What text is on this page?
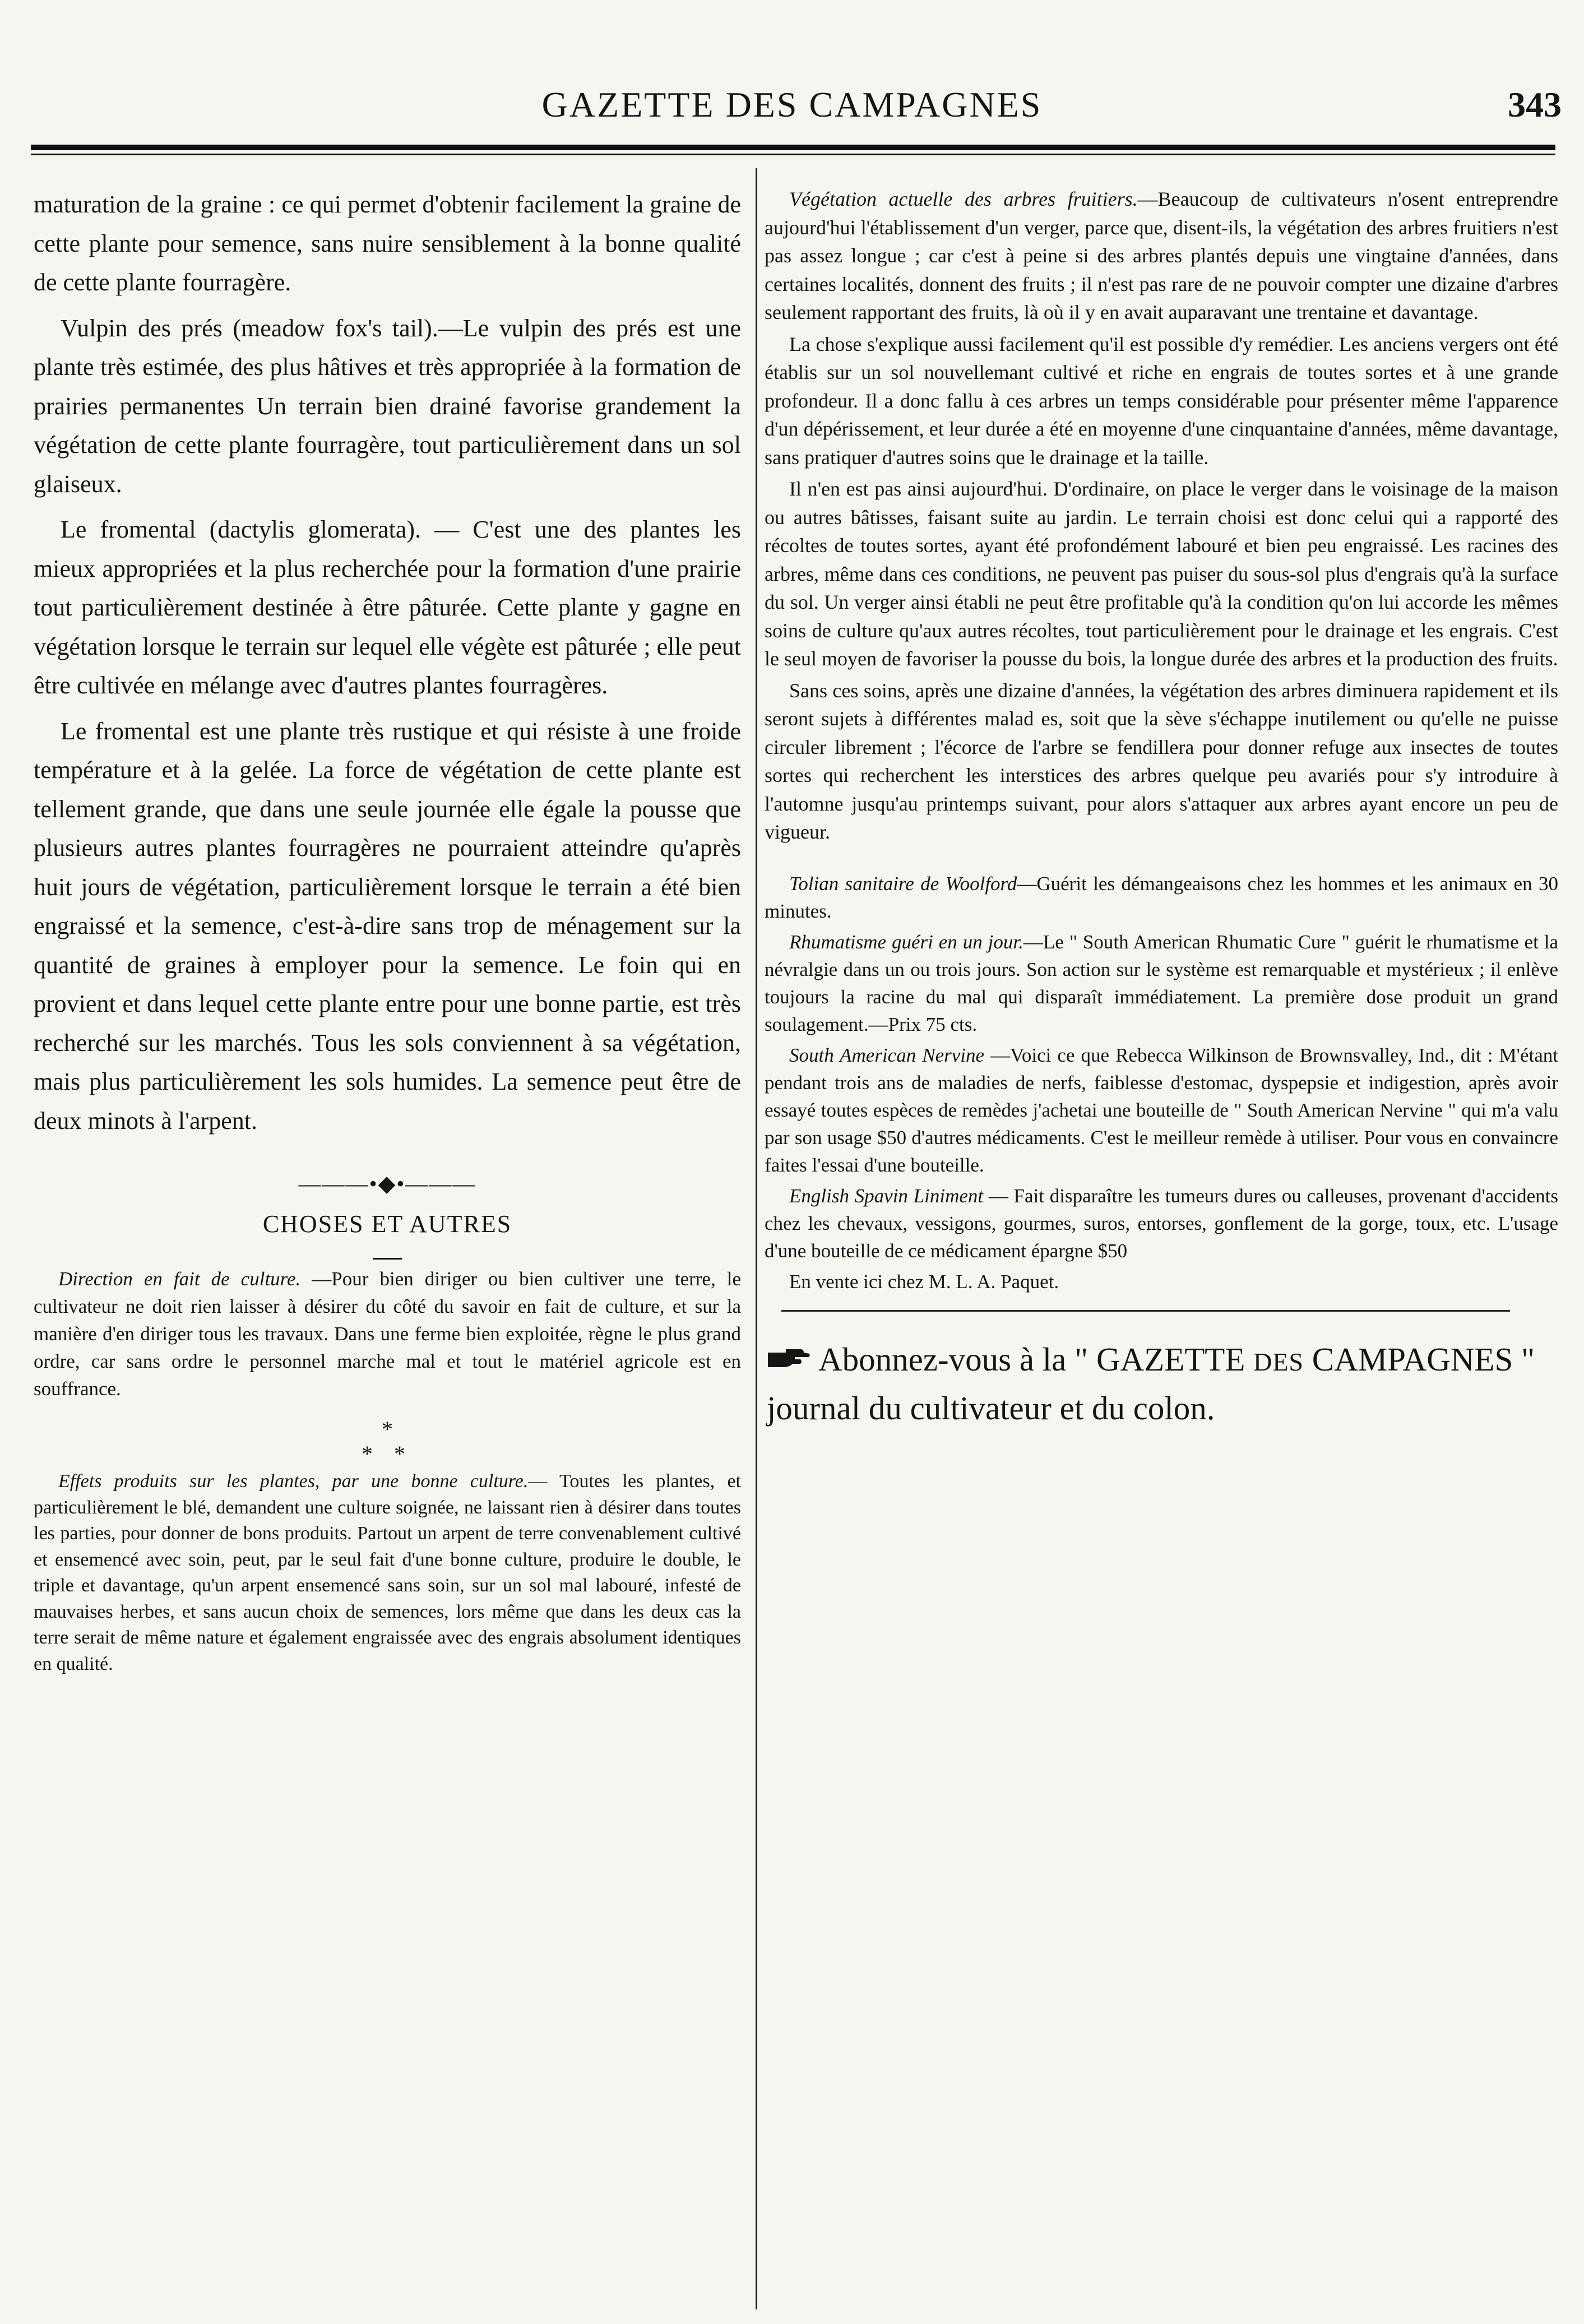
GAZETTE DES CAMPAGNES	343

maturation de la graine : ce qui permet d'obtenir facilement la graine de cette plante pour semence, sans nuire sensiblement à la bonne qualité de cette plante fourragère.

Vulpin des prés (meadow fox's tail).—Le vulpin des prés est une plante très estimée, des plus hâtives et très appropriée à la formation de prairies permanentes Un terrain bien drainé favorise grandement la végétation de cette plante fourragère, tout particulièrement dans un sol glaiseux.

Le fromental (dactylis glomerata). — C'est une des plantes les mieux appropriées et la plus recherchée pour la formation d'une prairie tout particulièrement destinée à être pâturée. Cette plante y gagne en végétation lorsque le terrain sur lequel elle végète est pâturée ; elle peut être cultivée en mélange avec d'autres plantes fourragères.

Le fromental est une plante très rustique et qui résiste à une froide température et à la gelée. La force de végétation de cette plante est tellement grande, que dans une seule journée elle égale la pousse que plusieurs autres plantes fourragères ne pourraient atteindre qu'après huit jours de végétation, particulièrement lorsque le terrain a été bien engraissé et la semence, c'est-à-dire sans trop de ménagement sur la quantité de graines à employer pour la semence. Le foin qui en provient et dans lequel cette plante entre pour une bonne partie, est très recherché sur les marchés. Tous les sols conviennent à sa végétation, mais plus particulièrement les sols humides. La semence peut être de deux minots à l'arpent.

———•◆•———
CHOSES ET AUTRES

Direction en fait de culture. —Pour bien diriger ou bien cultiver une terre, le cultivateur ne doit rien laisser à désirer du côté du savoir en fait de culture, et sur la manière d'en diriger tous les travaux. Dans une ferme bien exploitée, règne le plus grand ordre, car sans ordre le personnel marche mal et tout le matériel agricole est en souffrance.

*
* *

Effets produits sur les plantes, par une bonne culture.— Toutes les plantes, et particulièrement le blé, demandent une culture soignée, ne laissant rien à désirer dans toutes les parties, pour donner de bons produits. Partout un arpent de terre convenablement cultivé et ensemencé avec soin, peut, par le seul fait d'une bonne culture, produire le double, le triple et davantage, qu'un arpent ensemencé sans soin, sur un sol mal labouré, infesté de mauvaises herbes, et sans aucun choix de semences, lors même que dans les deux cas la terre serait de même nature et également engraissée avec des engrais absolument identiques en qualité.

Végétation actuelle des arbres fruitiers.—Beaucoup de cultivateurs n'osent entreprendre aujourd'hui l'établissement d'un verger, parce que, disent-ils, la végétation des arbres fruitiers n'est pas assez longue ; car c'est à peine si des arbres plantés depuis une vingtaine d'années, dans certaines localités, donnent des fruits ; il n'est pas rare de ne pouvoir compter une dizaine d'arbres seulement rapportant des fruits, là où il y en avait auparavant une trentaine et davantage.

La chose s'explique aussi facilement qu'il est possible d'y remédier. Les anciens vergers ont été établis sur un sol nouvellemant cultivé et riche en engrais de toutes sortes et à une grande profondeur. Il a donc fallu à ces arbres un temps considérable pour présenter même l'apparence d'un dépérissement, et leur durée a été en moyenne d'une cinquantaine d'années, même davantage, sans pratiquer d'autres soins que le drainage et la taille.

Il n'en est pas ainsi aujourd'hui. D'ordinaire, on place le verger dans le voisinage de la maison ou autres bâtisses, faisant suite au jardin. Le terrain choisi est donc celui qui a rapporté des récoltes de toutes sortes, ayant été profondément labouré et bien peu engraissé. Les racines des arbres, même dans ces conditions, ne peuvent pas puiser du sous-sol plus d'engrais qu'à la surface du sol. Un verger ainsi établi ne peut être profitable qu'à la condition qu'on lui accorde les mêmes soins de culture qu'aux autres récoltes, tout particulièrement pour le drainage et les engrais. C'est le seul moyen de favoriser la pousse du bois, la longue durée des arbres et la production des fruits.

Sans ces soins, après une dizaine d'années, la végétation des arbres diminuera rapidement et ils seront sujets à différentes malad es, soit que la sève s'échappe inutilement ou qu'elle ne puisse circuler librement ; l'écorce de l'arbre se fendillera pour donner refuge aux insectes de toutes sortes qui recherchent les interstices des arbres quelque peu avariés pour s'y introduire à l'automne jusqu'au printemps suivant, pour alors s'attaquer aux arbres ayant encore un peu de vigueur.

Tolian sanitaire de Woolford—Guérit les démangeaisons chez les hommes et les animaux en 30 minutes.

Rhumatisme guéri en un jour.—Le " South American Rhumatic Cure " guérit le rhumatisme et la névralgie dans un ou trois jours. Son action sur le système est remarquable et mystérieux ; il enlève toujours la racine du mal qui disparaît immédiatement. La première dose produit un grand soulagement.—Prix 75 cts.

South American Nervine —Voici ce que Rebecca Wilkinson de Brownsvalley, Ind., dit : M'étant pendant trois ans de maladies de nerfs, faiblesse d'estomac, dyspepsie et indigestion, après avoir essayé toutes espèces de remèdes j'achetai une bouteille de " South American Nervine " qui m'a valu par son usage $50 d'autres médicaments. C'est le meilleur remède à utiliser. Pour vous en convaincre faites l'essai d'une bouteille.

English Spavin Liniment — Fait disparaître les tumeurs dures ou calleuses, provenant d'accidents chez les chevaux, vessigons, gourmes, suros, entorses, gonflement de la gorge, toux, etc. L'usage d'une bouteille de ce médicament épargne $50

En vente ici chez M. L. A. Paquet.

Abonnez-vous à la " GAZETTE DES CAMPAGNES " journal du cultivateur et du colon.
